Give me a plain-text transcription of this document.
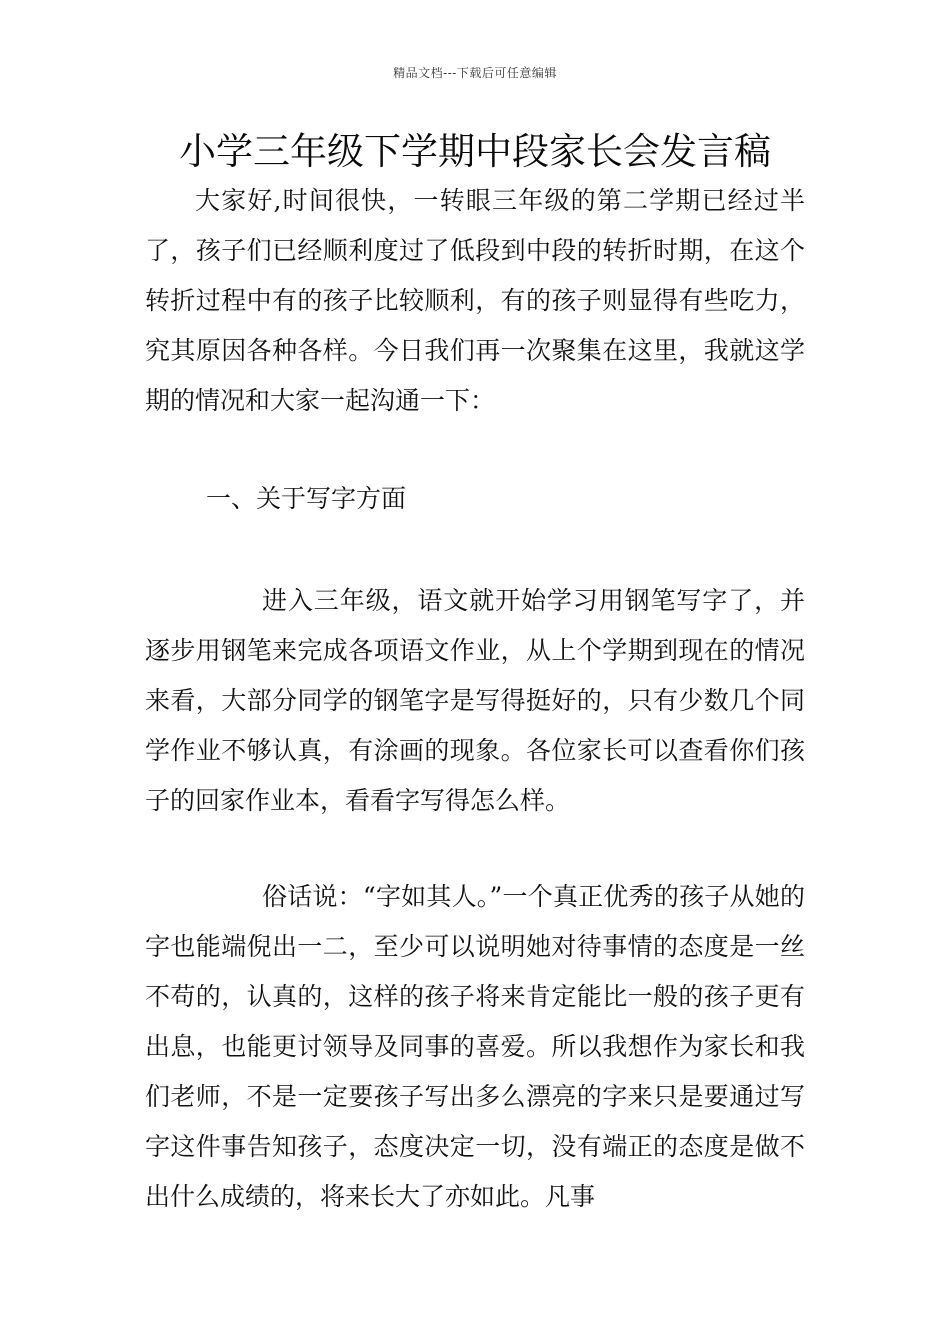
精品文档---下载后可任意编辑
小学三年级下学期中段家长会发言稿

大家好,时间很快，一转眼三年级的第二学期已经过半了，孩子们已经顺利度过了低段到中段的转折时期，在这个转折过程中有的孩子比较顺利，有的孩子则显得有些吃力，究其原因各种各样。今日我们再一次聚集在这里，我就这学期的情况和大家一起沟通一下：

一、关于写字方面

进入三年级，语文就开始学习用钢笔写字了，并逐步用钢笔来完成各项语文作业，从上个学期到现在的情况来看，大部分同学的钢笔字是写得挺好的，只有少数几个同学作业不够认真，有涂画的现象。各位家长可以查看你们孩子的回家作业本，看看字写得怎么样。

俗话说：“字如其人。”一个真正优秀的孩子从她的字也能端倪出一二，至少可以说明她对待事情的态度是一丝不苟的，认真的，这样的孩子将来肯定能比一般的孩子更有出息，也能更讨领导及同事的喜爱。所以我想作为家长和我们老师，不是一定要孩子写出多么漂亮的字来只是要通过写字这件事告知孩子，态度决定一切，没有端正的态度是做不出什么成绩的，将来长大了亦如此。凡事
